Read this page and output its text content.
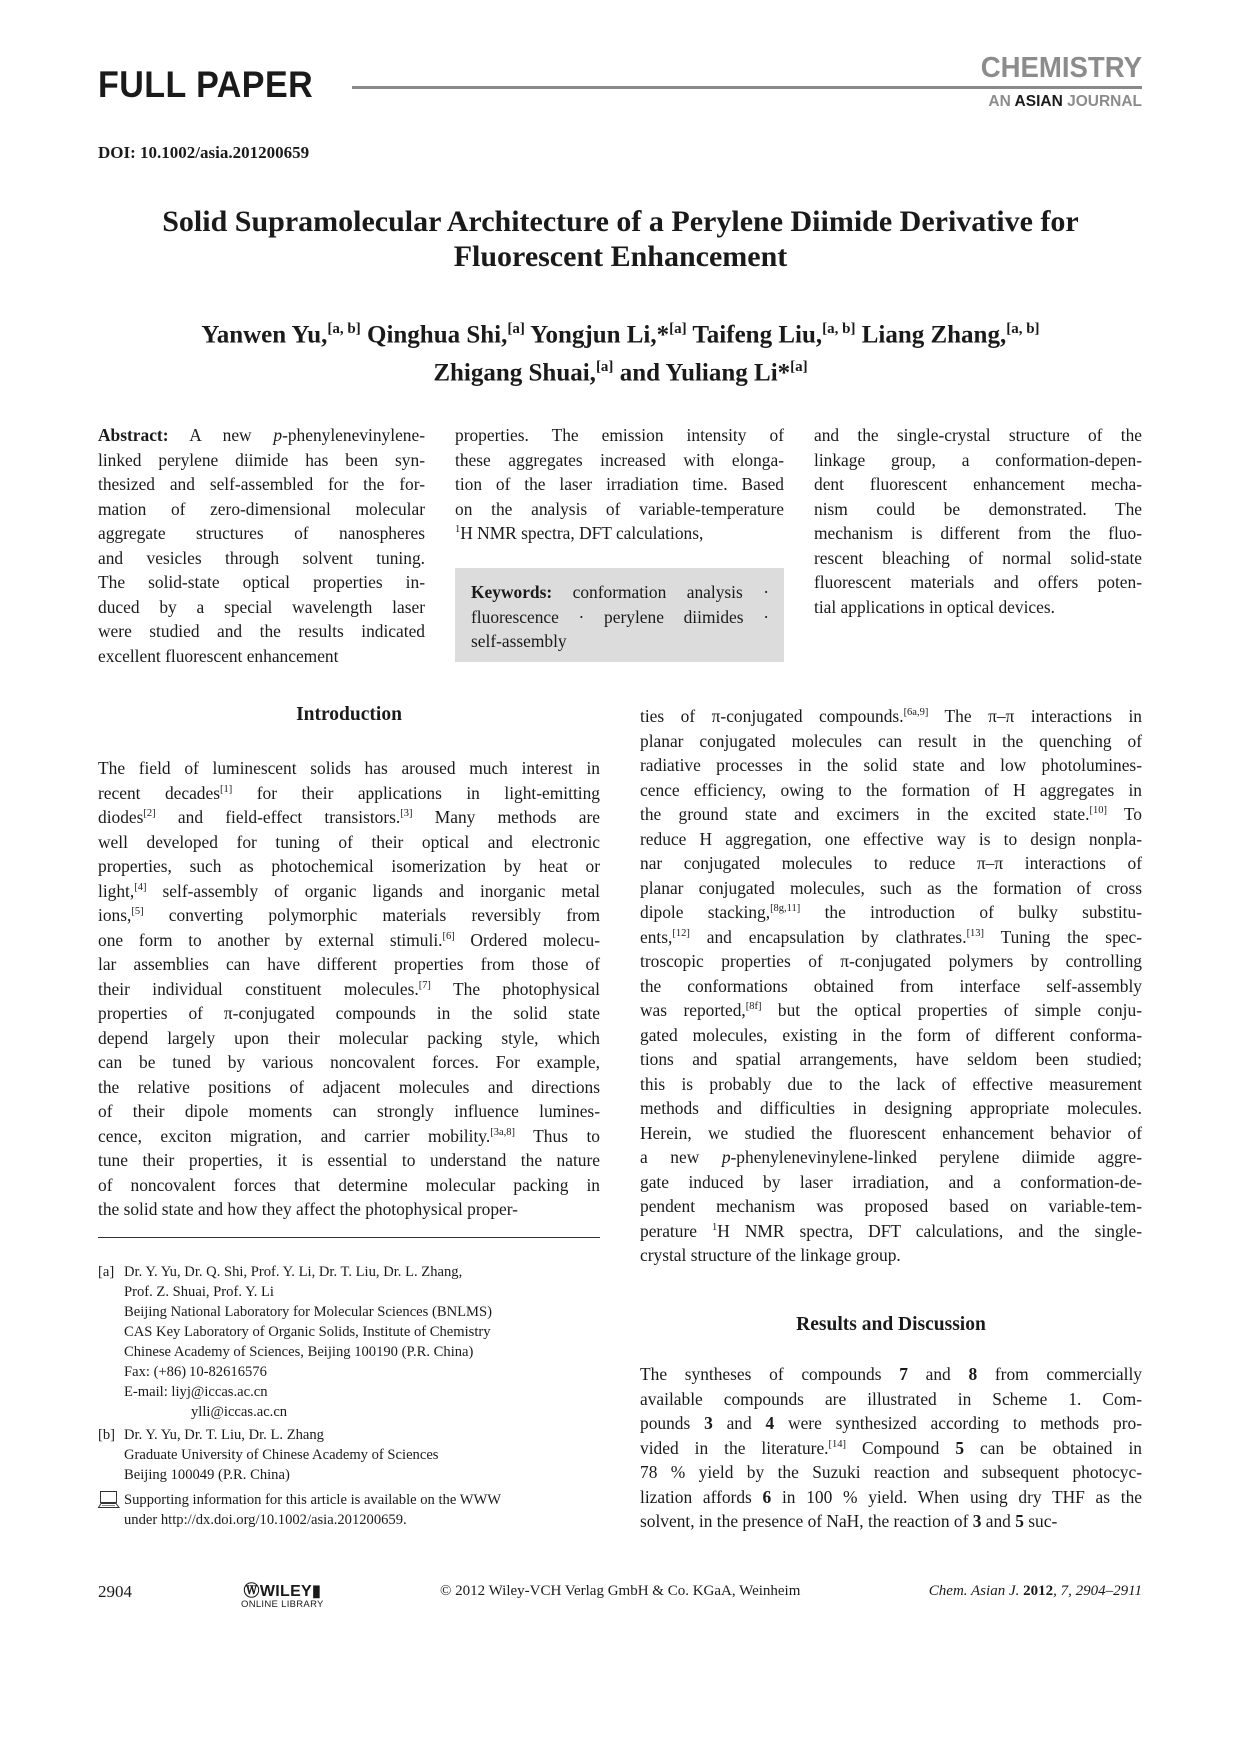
FULL PAPER	CHEMISTRY
AN ASIAN JOURNAL
DOI: 10.1002/asia.201200659
Solid Supramolecular Architecture of a Perylene Diimide Derivative for
Fluorescent Enhancement
Yanwen Yu,[a, b] Qinghua Shi,[a] Yongjun Li,*[a] Taifeng Liu,[a, b] Liang Zhang,[a, b]
Zhigang Shuai,[a] and Yuliang Li*[a]
Abstract: A new p-phenylenevinylene-
linked perylene diimide has been syn-
thesized and self-assembled for the for-
mation of zero-dimensional molecular
aggregate structures of nanospheres
and vesicles through solvent tuning.
The solid-state optical properties in-
duced by a special wavelength laser
were studied and the results indicated
excellent fluorescent enhancement
properties. The emission intensity of
these aggregates increased with elonga-
tion of the laser irradiation time. Based
on the analysis of variable-temperature
$^1$H NMR spectra, DFT calculations,
Keywords: conformation analysis ·
fluorescence · perylene diimides ·
self-assembly
and the single-crystal structure of the
linkage group, a conformation-depen-
dent fluorescent enhancement mecha-
nism could be demonstrated. The
mechanism is different from the fluo-
rescent bleaching of normal solid-state
fluorescent materials and offers poten-
tial applications in optical devices.
Introduction
The field of luminescent solids has aroused much interest in
recent decades[1] for their applications in light-emitting
diodes[2] and field-effect transistors.[3] Many methods are
well developed for tuning of their optical and electronic
properties, such as photochemical isomerization by heat or
light,[4] self-assembly of organic ligands and inorganic metal
ions,[5] converting polymorphic materials reversibly from
one form to another by external stimuli.[6] Ordered molecu-
lar assemblies can have different properties from those of
their individual constituent molecules.[7] The photophysical
properties of π-conjugated compounds in the solid state
depend largely upon their molecular packing style, which
can be tuned by various noncovalent forces. For example,
the relative positions of adjacent molecules and directions
of their dipole moments can strongly influence lumines-
cence, exciton migration, and carrier mobility.[3a,8] Thus to
tune their properties, it is essential to understand the nature
of noncovalent forces that determine molecular packing in
the solid state and how they affect the photophysical proper-
ties of π-conjugated compounds.[6a,9] The π–π interactions in
planar conjugated molecules can result in the quenching of
radiative processes in the solid state and low photolumines-
cence efficiency, owing to the formation of H aggregates in
the ground state and excimers in the excited state.[10] To
reduce H aggregation, one effective way is to design nonpla-
nar conjugated molecules to reduce π–π interactions of
planar conjugated molecules, such as the formation of cross
dipole stacking,[8g,11] the introduction of bulky substitu-
ents,[12] and encapsulation by clathrates.[13] Tuning the spec-
troscopic properties of π-conjugated polymers by controlling
the conformations obtained from interface self-assembly
was reported,[8f] but the optical properties of simple conju-
gated molecules, existing in the form of different conforma-
tions and spatial arrangements, have seldom been studied;
this is probably due to the lack of effective measurement
methods and difficulties in designing appropriate molecules.
Herein, we studied the fluorescent enhancement behavior of
a new p-phenylenevinylene-linked perylene diimide aggre-
gate induced by laser irradiation, and a conformation-de-
pendent mechanism was proposed based on variable-tem-
perature $^1$H NMR spectra, DFT calculations, and the single-
crystal structure of the linkage group.
Results and Discussion
The syntheses of compounds 7 and 8 from commercially
available compounds are illustrated in Scheme 1. Com-
pounds 3 and 4 were synthesized according to methods pro-
vided in the literature.[14] Compound 5 can be obtained in
78 % yield by the Suzuki reaction and subsequent photocyc-
lization affords 6 in 100 % yield. When using dry THF as the
solvent, in the presence of NaH, the reaction of 3 and 5 suc-
[a] Dr. Y. Yu, Dr. Q. Shi, Prof. Y. Li, Dr. T. Liu, Dr. L. Zhang,
Prof. Z. Shuai, Prof. Y. Li
Beijing National Laboratory for Molecular Sciences (BNLMS)
CAS Key Laboratory of Organic Solids, Institute of Chemistry
Chinese Academy of Sciences, Beijing 100190 (P.R. China)
Fax: (+86) 10-82616576
E-mail: liyj@iccas.ac.cn
ylli@iccas.ac.cn
[b] Dr. Y. Yu, Dr. T. Liu, Dr. L. Zhang
Graduate University of Chinese Academy of Sciences
Beijing 100049 (P.R. China)
Supporting information for this article is available on the WWW
under http://dx.doi.org/10.1002/asia.201200659.
2904	ⓌWILEY▮
ONLINE LIBRARY
© 2012 Wiley-VCH Verlag GmbH & Co. KGaA, Weinheim	Chem. Asian J. 2012, 7, 2904–2911
